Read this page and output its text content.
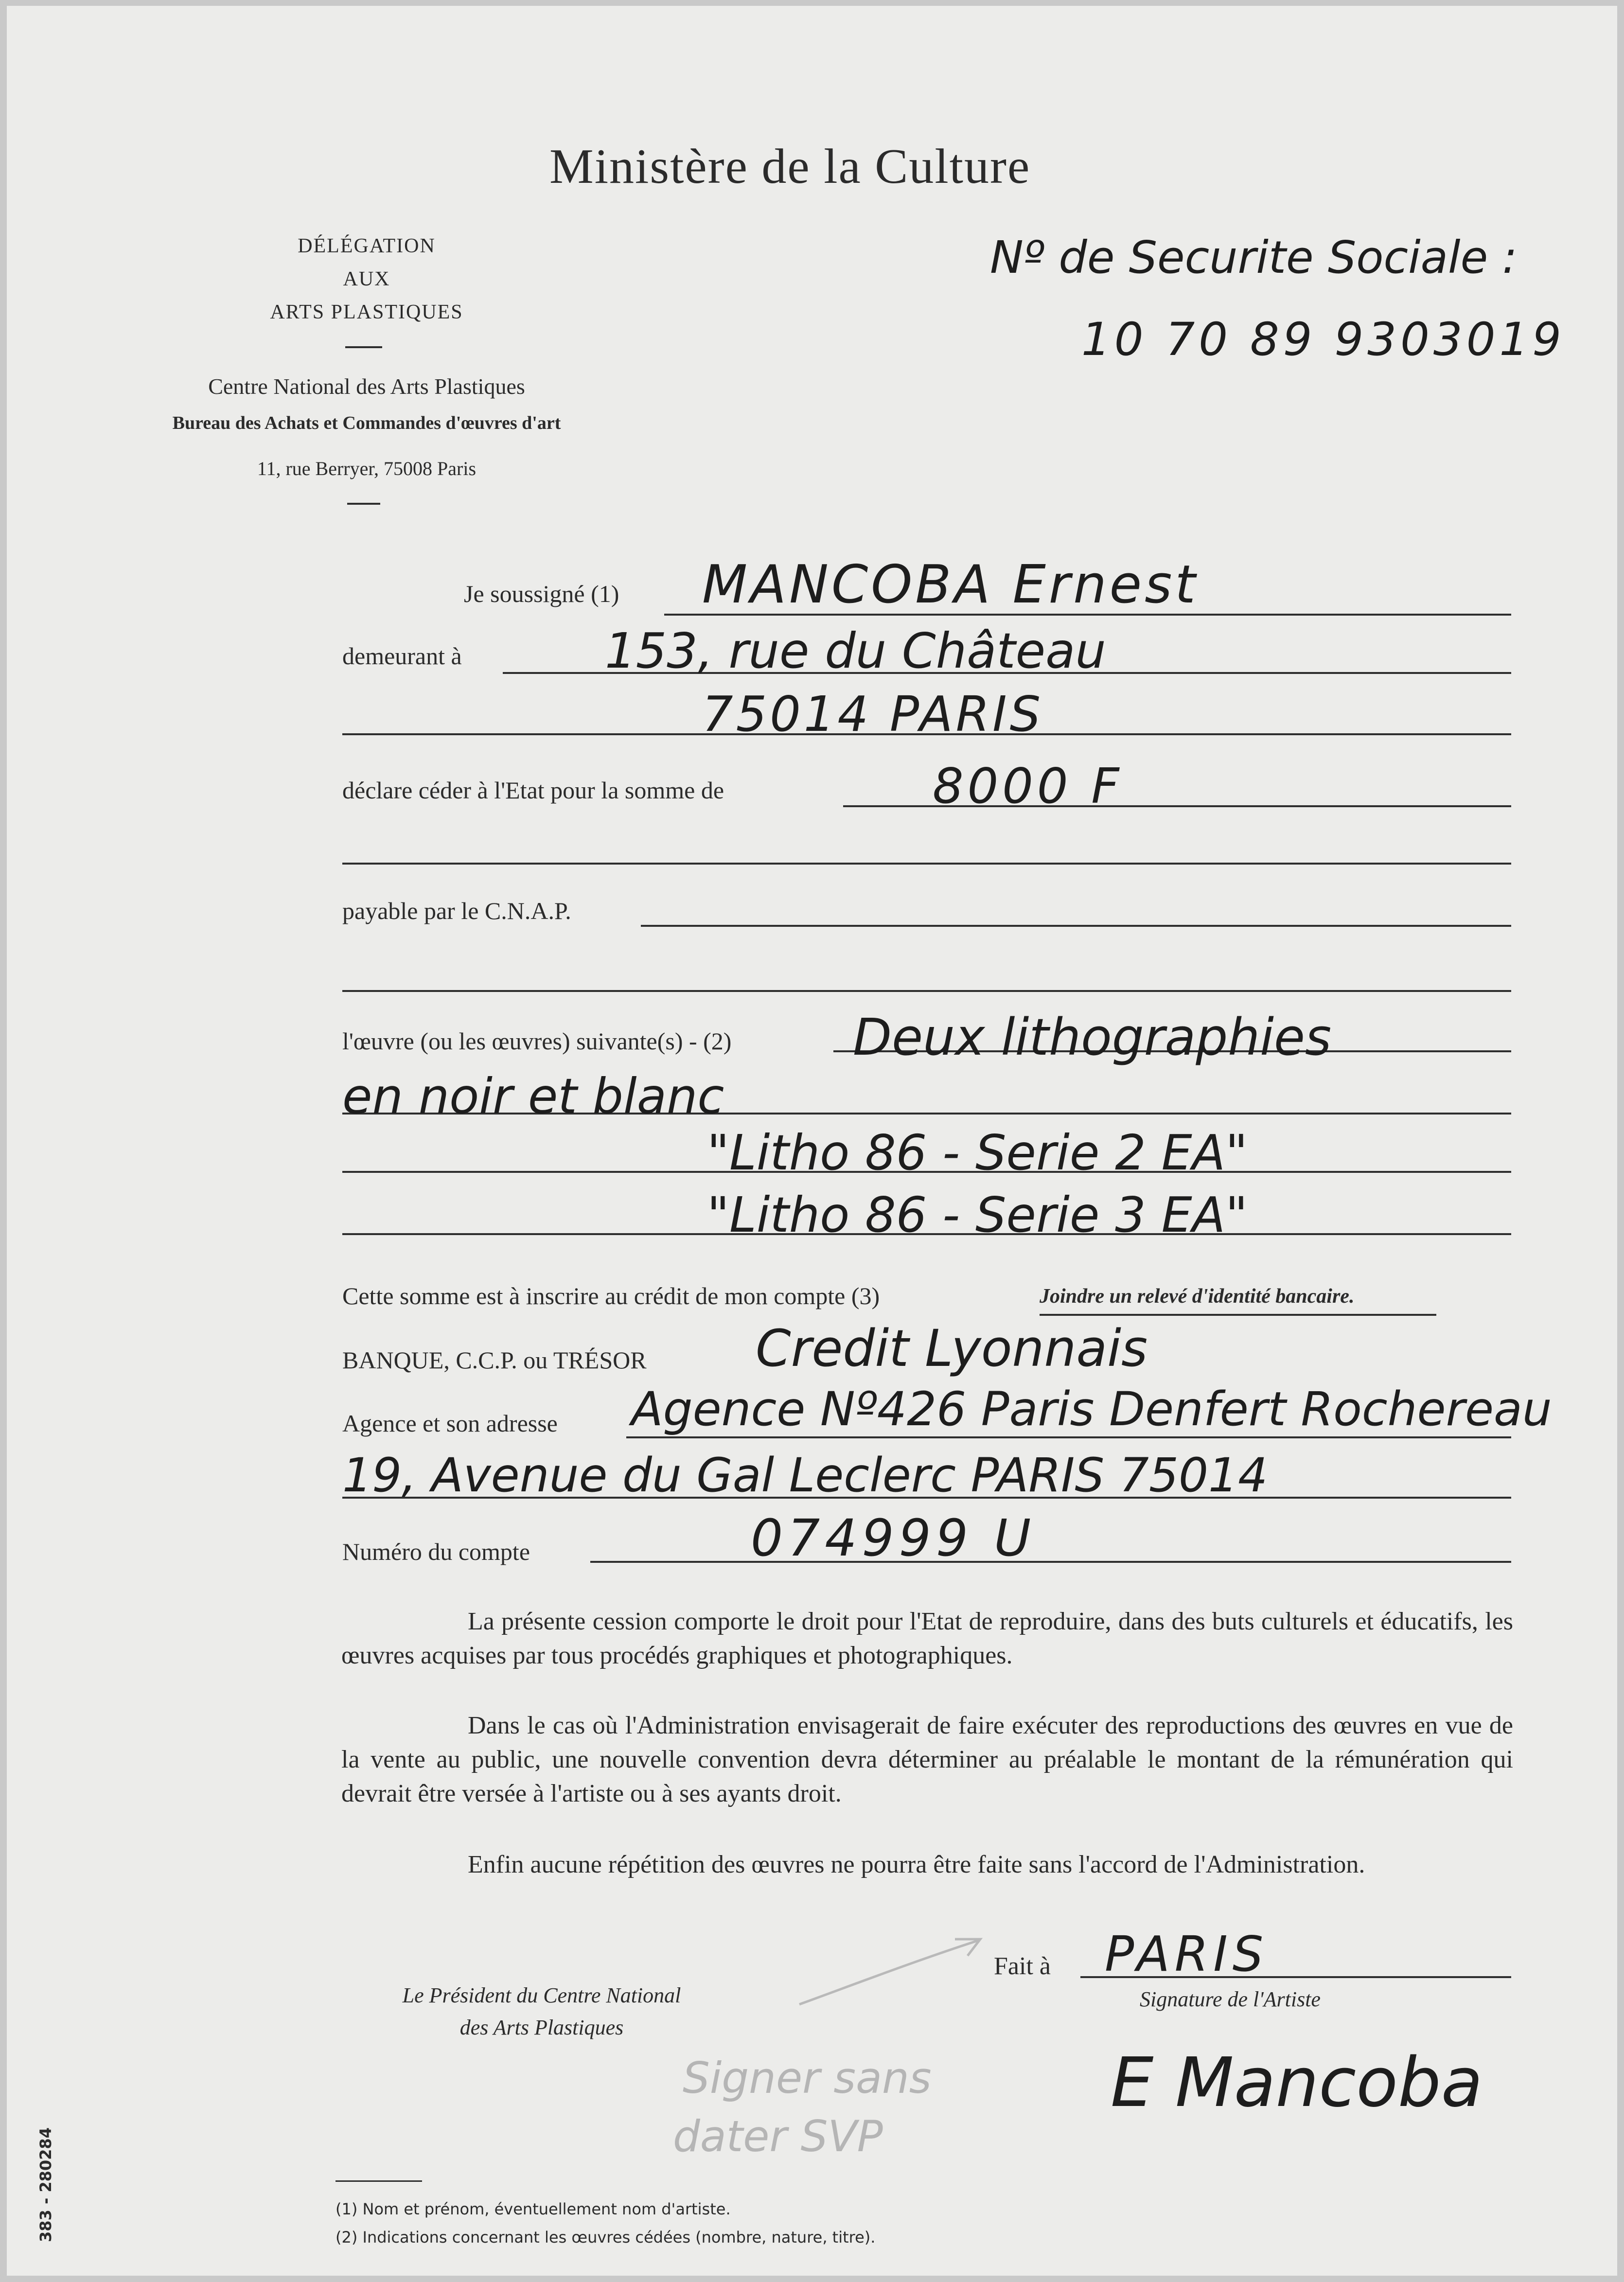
Ministère de la Culture
DÉLÉGATION
AUX
ARTS PLASTIQUES
Centre National des Arts Plastiques
Bureau des Achats et Commandes d'œuvres d'art
11, rue Berryer, 75008 Paris
Nº de Securite Sociale :
10 70 89 9303019
Je soussigné (1) MANCOBA Ernest
demeurant à	153, rue du Château
75014 PARIS
déclare céder à l'Etat pour la somme de	8000 F
payable par le C.N.A.P.
l'œuvre (ou les œuvres) suivante(s) - (2) Deux lithographies
en noir et blanc
"Litho 86 - Serie 2 EA"
"Litho 86 - Serie 3 EA"
Cette somme est à inscrire au crédit de mon compte (3)	Joindre un relevé d'identité bancaire.
BANQUE, C.C.P. ou TRÉSOR Credit Lyonnais
Agence et son adresse Agence Nº426 Paris Denfert Rochereau
19, Avenue du Gal Leclerc PARIS 75014
Numéro du compte	074999 U
La présente cession comporte le droit pour l'Etat de reproduire, dans des buts culturels et éducatifs, les œuvres acquises par tous procédés graphiques et photographiques.
Dans le cas où l'Administration envisagerait de faire exécuter des reproductions des œuvres en vue de la vente au public, une nouvelle convention devra déterminer au préalable le montant de la rémunération qui devrait être versée à l'artiste ou à ses ayants droit.
Enfin aucune répétition des œuvres ne pourra être faite sans l'accord de l'Administration.
Fait à PARIS
Le Président du Centre National
des Arts Plastiques
Signature de l'Artiste
Signer sans
dater SVP
E Mancoba
383 - 280284	(1) Nom et prénom, éventuellement nom d'artiste.
(2) Indications concernant les œuvres cédées (nombre, nature, titre).
